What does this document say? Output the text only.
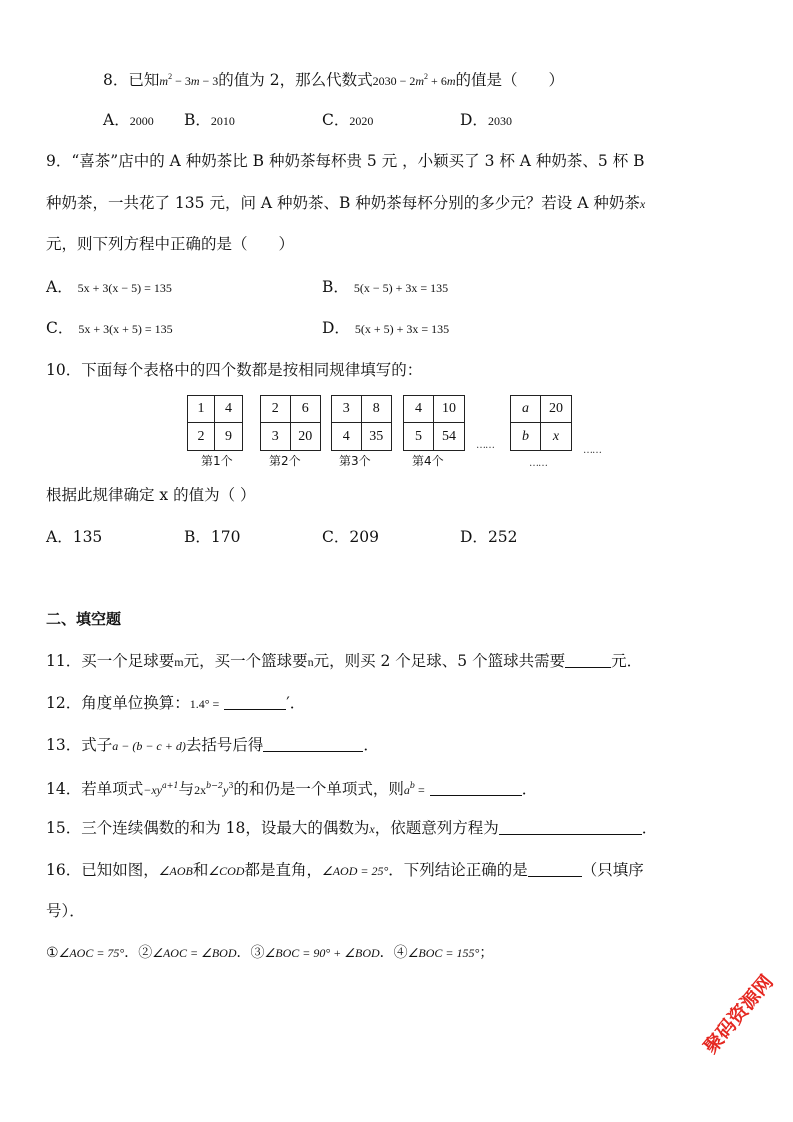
8．已知$m^2 - 3m - 3$的值为 2，那么代数式$2030 - 2m^2 + 6m$的值是（　　）
A．2000 B．2010	C．2020	D．2030
9．“喜茶”店中的 A 种奶茶比 B 种奶茶每杯贵 5 元 ，小颖买了 3 杯 A 种奶茶、5 杯 B
种奶茶，一共花了 135 元，问 A 种奶茶、B 种奶茶每杯分别的多少元？若设 A 种奶茶x
元，则下列方程中正确的是（　　）
A． 5x + 3(x − 5) = 135	B． 5(x − 5) + 3x = 135
C． 5x + 3(x + 5) = 135	D． 5(x + 5) + 3x = 135
10．下面每个表格中的四个数都是按相同规律填写的：
1	4
2	9
第1个
2	6
3	20
第2个
3	8
4	35
第3个
4	10
5	54
第4个
……
a	20
b	x
……
……
根据此规律确定 x 的值为（ ）
A．135	B．170	C．209	D．252
二、填空题
11．买一个足球要m元，买一个篮球要n元，则买 2 个足球、5 个篮球共需要	元．
12．角度单位换算：1.4° =	′．
13．式子a − (b − c + d)去括号后得	．
14．若单项式$-xy^{a+1}$与$2x^{b-2}y^3$的和仍是一个单项式，则$a^b$ =	．
15．三个连续偶数的和为 18，设最大的偶数为x，依题意列方程为	．
16．已知如图，∠AOB和∠COD都是直角，∠AOD = 25°．下列结论正确的是	（只填序
号）．
①∠AOC = 75°．②∠AOC = ∠BOD．③∠BOC = 90° + ∠BOD．④∠BOC = 155°；
聚码资源网
